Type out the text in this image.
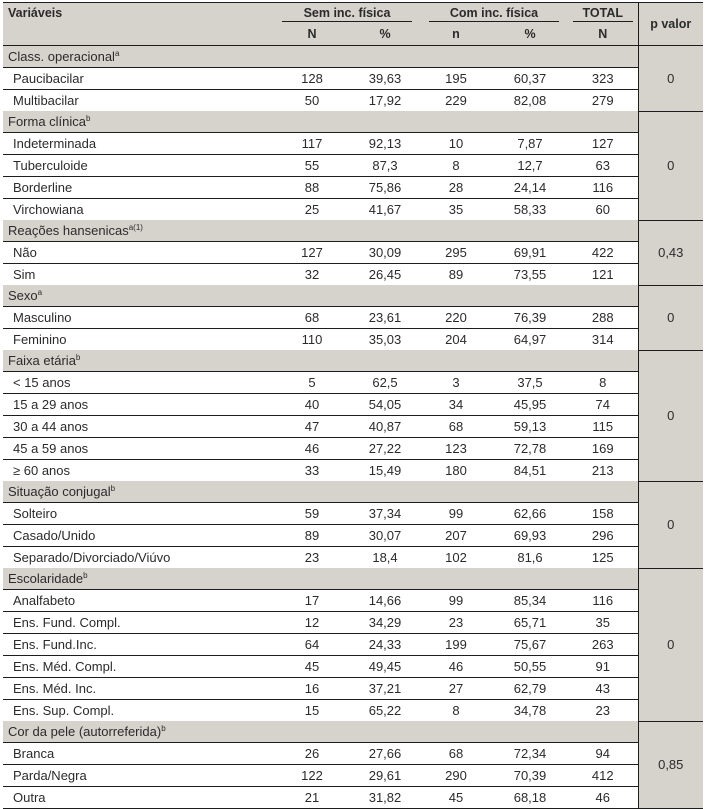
Variáveis	Sem inc. física		Com inc. física		TOTAL	p valor
	N	%	n	%	N	
Class. operacional$^a$						0
Paucibacilar	128	39,63	195	60,37	323	
Multibacilar	50	17,92	229	82,08	279	
Forma clínica$^b$						0
Indeterminada	117	92,13	10	7,87	127	
Tuberculoide	55	87,3	8	12,7	63	
Borderline	88	75,86	28	24,14	116	
Virchowiana	25	41,67	35	58,33	60	
Reações hansenicas$^{a(1)}$						0,43
Não	127	30,09	295	69,91	422	
Sim	32	26,45	89	73,55	121	
Sexo$^a$						0
Masculino	68	23,61	220	76,39	288	
Feminino	110	35,03	204	64,97	314	
Faixa etária$^b$						0
< 15 anos	5	62,5	3	37,5	8	
15 a 29 anos	40	54,05	34	45,95	74	
30 a 44 anos	47	40,87	68	59,13	115	
45 a 59 anos	46	27,22	123	72,78	169	
≥ 60 anos	33	15,49	180	84,51	213	
Situação conjugal$^b$						0
Solteiro	59	37,34	99	62,66	158	
Casado/Unido	89	30,07	207	69,93	296	
Separado/Divorciado/Viúvo	23	18,4	102	81,6	125	
Escolaridade$^b$						0
Analfabeto	17	14,66	99	85,34	116	
Ens. Fund. Compl.	12	34,29	23	65,71	35	
Ens. Fund.Inc.	64	24,33	199	75,67	263	
Ens. Méd. Compl.	45	49,45	46	50,55	91	
Ens. Méd. Inc.	16	37,21	27	62,79	43	
Ens. Sup. Compl.	15	65,22	8	34,78	23	
Cor da pele (autorreferida)$^b$						0,85
Branca	26	27,66	68	72,34	94	
Parda/Negra	122	29,61	290	70,39	412	
Outra	21	31,82	45	68,18	46	
